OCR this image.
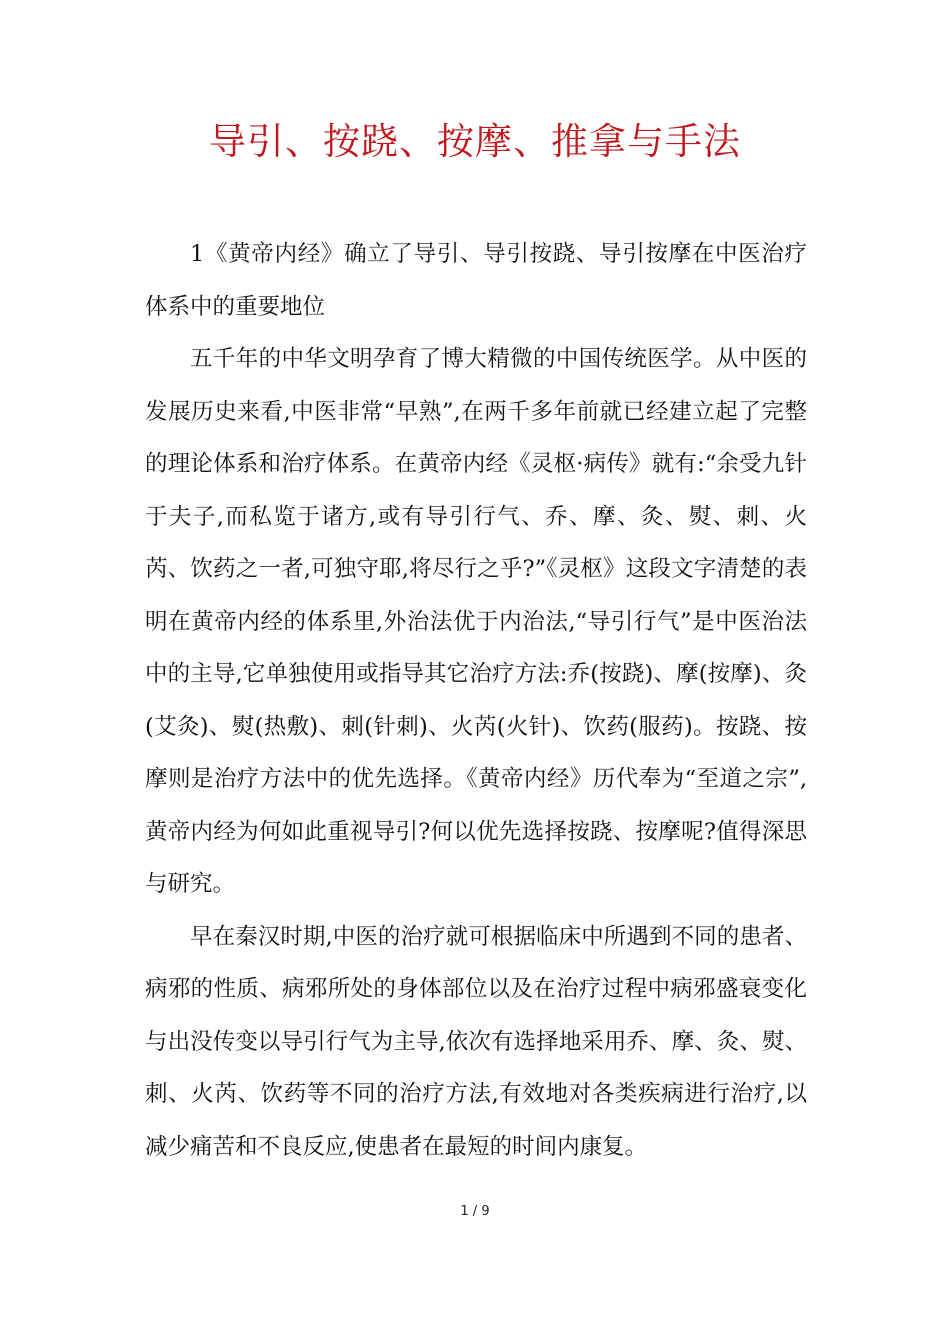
导引、按跷、按摩、推拿与手法

1《黄帝内经》确立了导引、导引按跷、导引按摩在中医治疗体系中的重要地位

五千年的中华文明孕育了博大精微的中国传统医学。从中医的发展历史来看,中医非常“早熟”,在两千多年前就已经建立起了完整的理论体系和治疗体系。在黄帝内经《灵枢·病传》就有:“余受九针于夫子,而私览于诸方,或有导引行气、乔、摩、灸、熨、刺、火芮、饮药之一者,可独守耶,将尽行之乎?”《灵枢》这段文字清楚的表明在黄帝内经的体系里,外治法优于内治法,“导引行气”是中医治法中的主导,它单独使用或指导其它治疗方法:乔(按跷)、摩(按摩)、灸(艾灸)、熨(热敷)、刺(针刺)、火芮(火针)、饮药(服药)。按跷、按摩则是治疗方法中的优先选择。《黄帝内经》历代奉为“至道之宗”,黄帝内经为何如此重视导引?何以优先选择按跷、按摩呢?值得深思与研究。

早在秦汉时期,中医的治疗就可根据临床中所遇到不同的患者、病邪的性质、病邪所处的身体部位以及在治疗过程中病邪盛衰变化与出没传变以导引行气为主导,依次有选择地采用乔、摩、灸、熨、刺、火芮、饮药等不同的治疗方法,有效地对各类疾病进行治疗,以减少痛苦和不良反应,使患者在最短的时间内康复。

1 / 9
